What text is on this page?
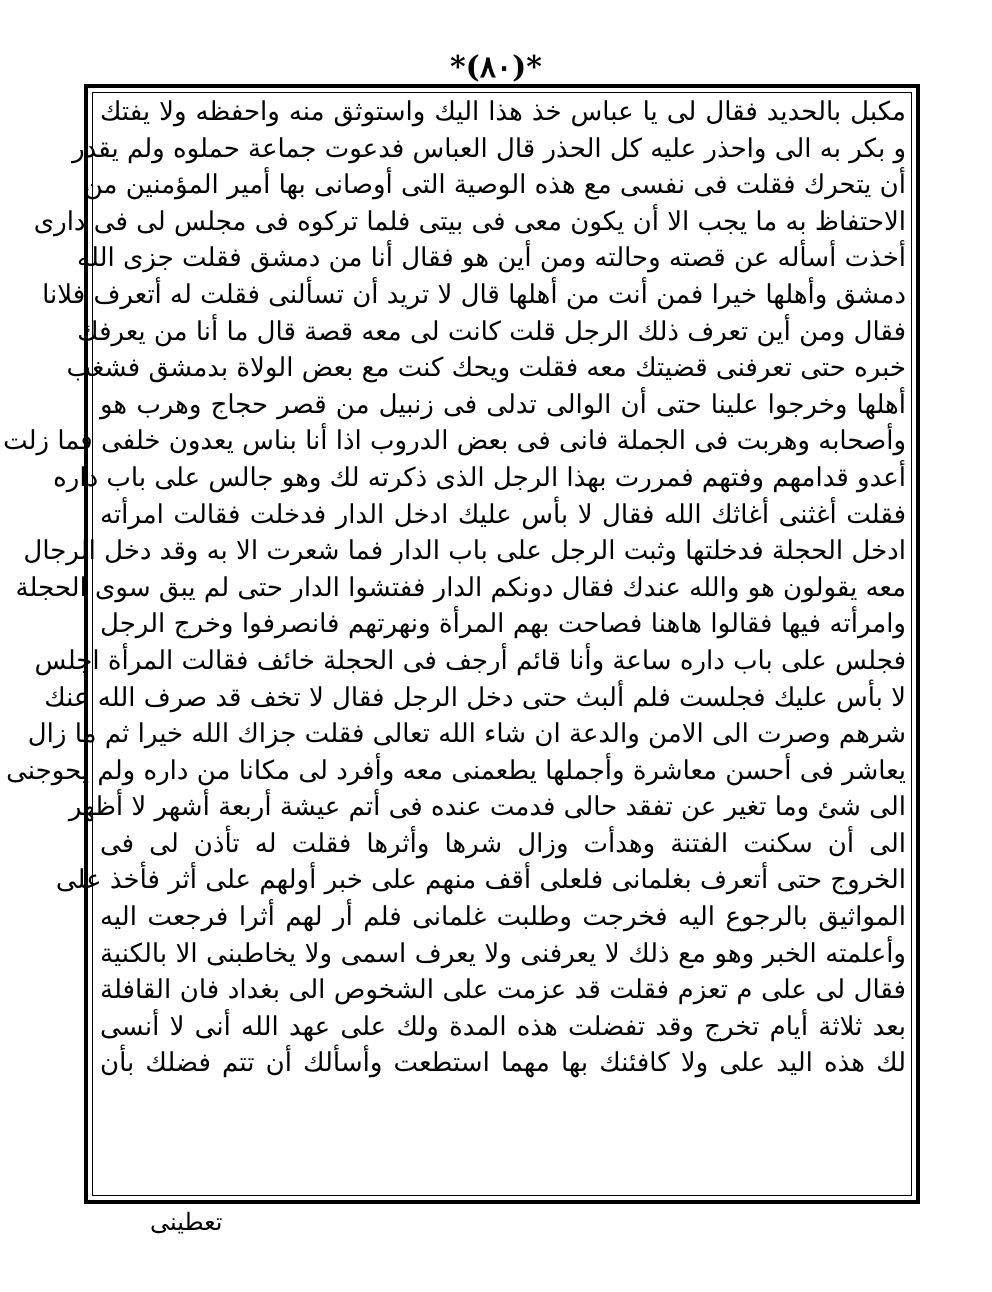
*(٨٠)*
مكبل بالحديد فقال لى يا عباس خذ هذا اليك واستوثق منه واحفظه ولا يفتك
و بكر به الى واحذر عليه كل الحذر قال العباس فدعوت جماعة حملوه ولم يقدر
أن يتحرك فقلت فى نفسى مع هذه الوصية التى أوصانى بها أمير المؤمنين من
الاحتفاظ به ما يجب الا أن يكون معى فى بيتى فلما تركوه فى مجلس لى فى دارى
أخذت أسأله عن قصته وحالته ومن أين هو فقال أنا من دمشق فقلت جزى الله
دمشق وأهلها خيرا فمن أنت من أهلها قال لا تريد أن تسألنى فقلت له أتعرف فلانا
فقال ومن أين تعرف ذلك الرجل قلت كانت لى معه قصة قال ما أنا من يعرفك
خبره حتى تعرفنى قضيتك معه فقلت ويحك كنت مع بعض الولاة بدمشق فشغب
أهلها وخرجوا علينا حتى أن الوالى تدلى فى زنبيل من قصر حجاج وهرب هو
وأصحابه وهربت فى الجملة فانى فى بعض الدروب اذا أنا بناس يعدون خلفى فما زلت
أعدو قدامهم وفتهم فمررت بهذا الرجل الذى ذكرته لك وهو جالس على باب داره
فقلت أغثنى أغاثك الله فقال لا بأس عليك ادخل الدار فدخلت فقالت امرأته
ادخل الحجلة فدخلتها وثبت الرجل على باب الدار فما شعرت الا به وقد دخل الرجال
معه يقولون هو والله عندك فقال دونكم الدار ففتشوا الدار حتى لم يبق سوى الحجلة
وامرأته فيها فقالوا هاهنا فصاحت بهم المرأة ونهرتهم فانصرفوا وخرج الرجل
فجلس على باب داره ساعة وأنا قائم أرجف فى الحجلة خائف فقالت المرأة اجلس
لا بأس عليك فجلست فلم ألبث حتى دخل الرجل فقال لا تخف قد صرف الله عنك
شرهم وصرت الى الامن والدعة ان شاء الله تعالى فقلت جزاك الله خيرا ثم ما زال
يعاشر فى أحسن معاشرة وأجملها يطعمنى معه وأفرد لى مكانا من داره ولم يحوجنى
الى شئ وما تغير عن تفقد حالى فدمت عنده فى أتم عيشة أربعة أشهر لا أظهر
الى أن سكنت الفتنة وهدأت وزال شرها وأثرها فقلت له تأذن لى فى
الخروج حتى أتعرف بغلمانى فلعلى أقف منهم على خبر أولهم على أثر فأخذ على
المواثيق بالرجوع اليه فخرجت وطلبت غلمانى فلم أر لهم أثرا فرجعت اليه
وأعلمته الخبر وهو مع ذلك لا يعرفنى ولا يعرف اسمى ولا يخاطبنى الا بالكنية
فقال لى على م تعزم فقلت قد عزمت على الشخوص الى بغداد فان القافلة
بعد ثلاثة أيام تخرج وقد تفضلت هذه المدة ولك على عهد الله أنى لا أنسى
لك هذه اليد على ولا كافئنك بها مهما استطعت وأسألك أن تتم فضلك بأن
تعطينى
